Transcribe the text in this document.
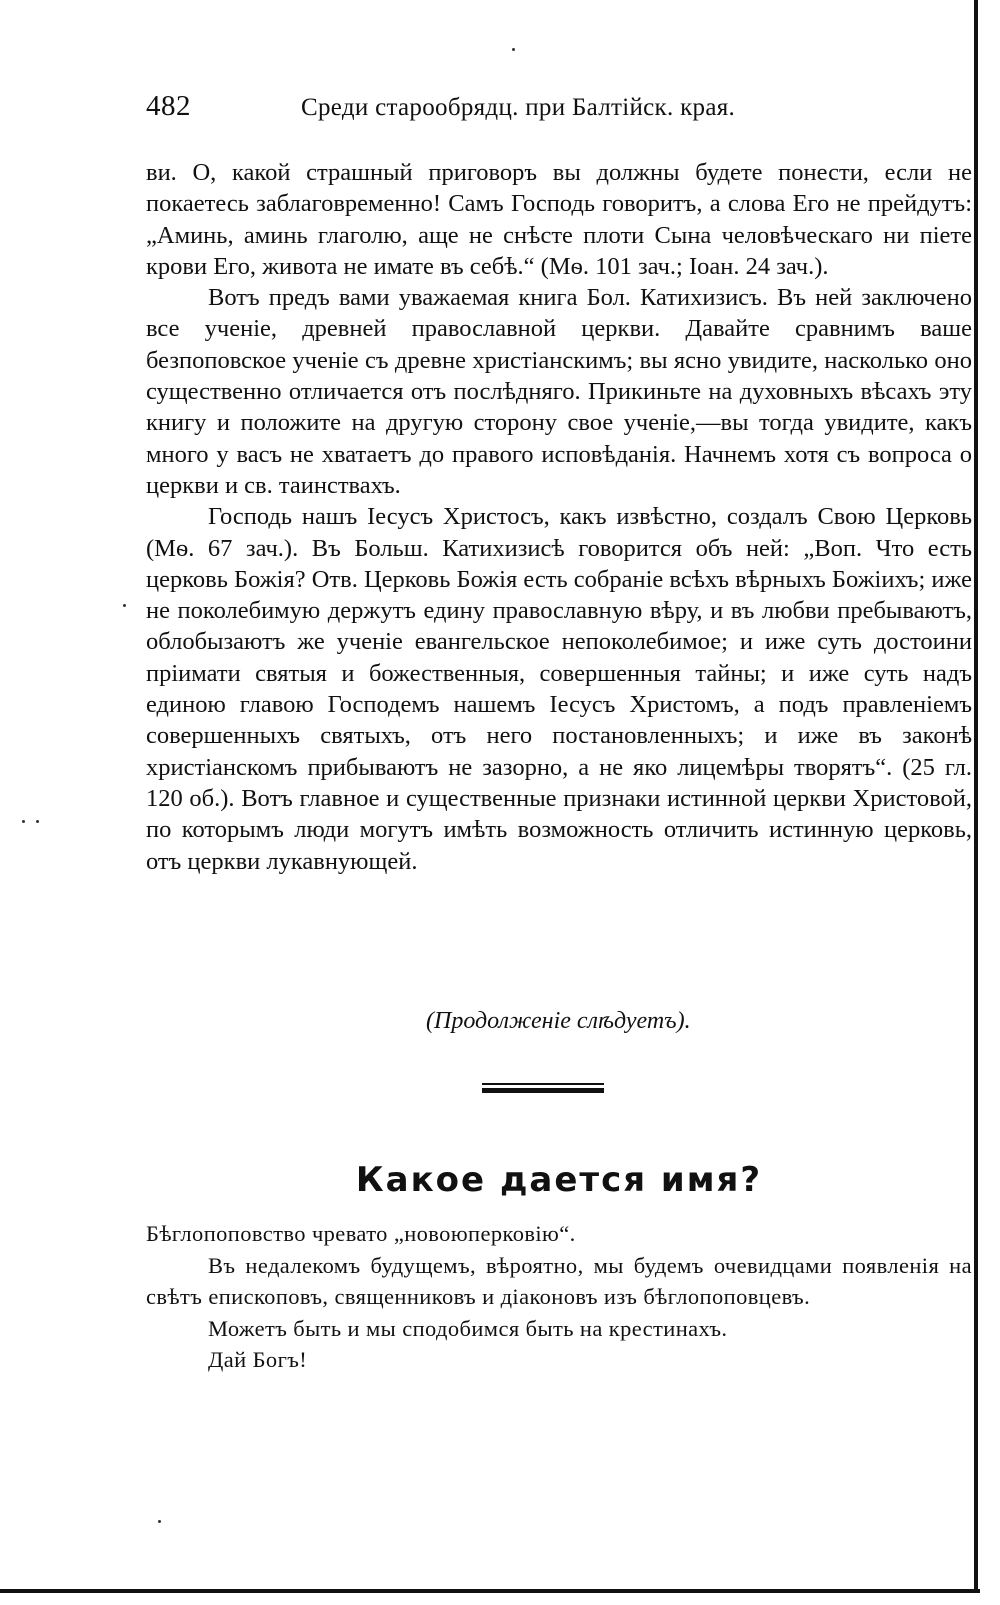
482	Среди старообрядц. при Балтійск. края.

ви. О, какой страшный приговоръ вы должны будете понести, если не покаетесь заблаговременно! Самъ Господь говоритъ, а слова Его не прейдутъ: „Аминь, аминь глаголю, аще не снѣсте плоти Сына человѣческаго ни піете крови Его, живота не имате въ себѣ.“ (Мѳ. 101 зач.; Іоан. 24 зач.).

Вотъ предъ вами уважаемая книга Бол. Катихизисъ. Въ ней заключено все ученіе, древней православной церкви. Давайте сравнимъ ваше безпоповское ученіе съ древне христіанскимъ; вы ясно увидите, насколько оно существенно отличается отъ послѣдняго. Прикиньте на духовныхъ вѣсахъ эту книгу и положите на другую сторону свое ученіе,—вы тогда увидите, какъ много у васъ не хватаетъ до правого исповѣданія. Начнемъ хотя съ вопроса о церкви и св. таинствахъ.

Господь нашъ Іесусъ Христосъ, какъ извѣстно, создалъ Свою Церковь (Мѳ. 67 зач.). Въ Больш. Катихизисѣ говорится объ ней: „Воп. Что есть церковь Божія? Отв. Церковь Божія есть собраніе всѣхъ вѣрныхъ Божіихъ; иже не поколебимую держутъ едину православную вѣру, и въ любви пребываютъ, облобызаютъ же ученіе евангельское непоколебимое; и иже суть достоини пріимати святыя и божественныя, совершенныя тайны; и иже суть надъ единою главою Господемъ нашемъ Іесусъ Христомъ, а подъ правленіемъ совершенныхъ святыхъ, отъ него постановленныхъ; и иже въ законѣ христіанскомъ прибываютъ не зазорно, а не яко лицемѣры творятъ“. (25 гл. 120 об.). Вотъ главное и существенные признаки истинной церкви Христовой, по которымъ люди могутъ имѣть возможность отличить истинную церковь, отъ церкви лукавнующей.

(Продолженіе слѣдуетъ).
Какое дается имя?

Бѣглопоповство чревато „новоюперковію“.

Въ недалекомъ будущемъ, вѣроятно, мы будемъ очевидцами появленія на свѣтъ епископовъ, священниковъ и діаконовъ изъ бѣглопоповцевъ.

Можетъ быть и мы сподобимся быть на крестинахъ.

Дай Богъ!
